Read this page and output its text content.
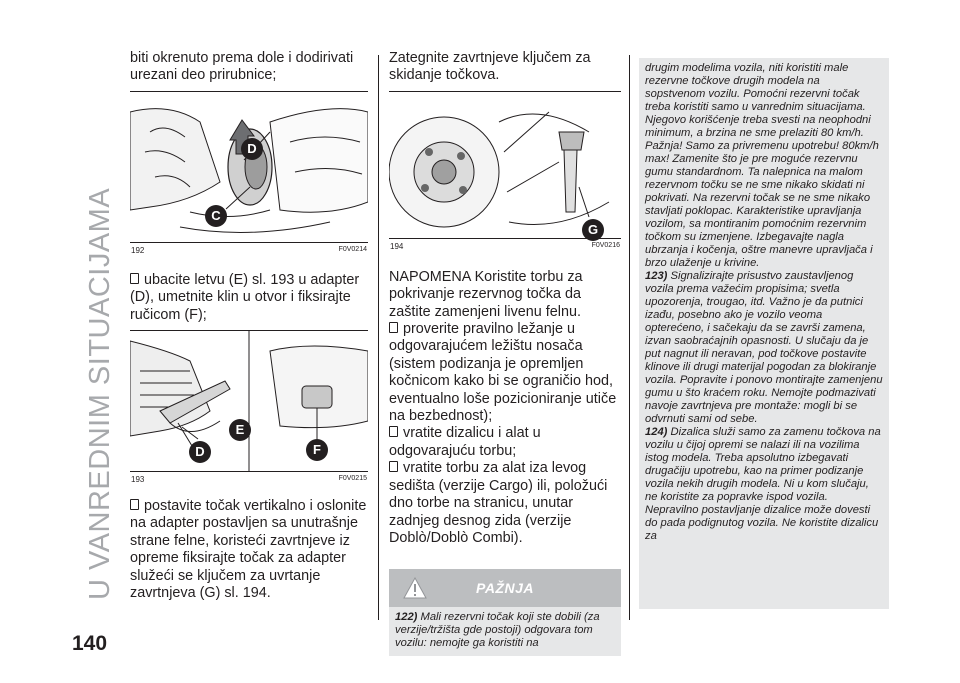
U VANREDNIM SITUACIJAMA

biti okrenuto prema dole i dodirivati urezani deo prirubnice;

D
C
192	F0V0214

ubacite letvu (E) sl. 193 u adapter (D), umetnite klin u otvor i fiksirajte ručicom (F);

E
D	F
193	F0V0215

postavite točak vertikalno i oslonite na adapter postavljen sa unutrašnje strane felne, koristeći zavrtnjeve iz opreme fiksirajte točak za adapter služeći se ključem za uvrtanje zavrtnjeva (G) sl. 194.

Zategnite zavrtnjeve ključem za skidanje točkova.

G
194	F0V0216

NAPOMENA Koristite torbu za pokrivanje rezervnog točka da zaštite zamenjeni livenu felnu.

proverite pravilno ležanje u odgovarajućem ležištu nosača (sistem podizanja je opremljen kočnicom kako bi se ograničio hod, eventualno loše pozicioniranje utiče na bezbednost);

vratite dizalicu i alat u odgovarajuću torbu;

vratite torbu za alat iza levog sedišta (verzije Cargo) ili, položući dno torbe na stranicu, unutar zadnjeg desnog zida (verzije Doblò/Doblò Combi).

PAŽNJA
122) Mali rezervni točak koji ste dobili (za verzije/tržišta gde postoji) odgovara tom vozilu: nemojte ga koristiti na

drugim modelima vozila, niti koristiti male rezervne točkove drugih modela na sopstvenom vozilu. Pomoćni rezervni točak treba koristiti samo u vanrednim situacijama. Njegovo korišćenje treba svesti na neophodni minimum, a brzina ne sme prelaziti 80 km/h. Pažnja! Samo za privremenu upotrebu! 80km/h max! Zamenite što je pre moguće rezervnu gumu standardnom. Ta nalepnica na malom rezervnom točku se ne sme nikako skidati ni pokrivati. Na rezervni točak se ne sme nikako stavljati poklopac. Karakteristike upravljanja vozilom, sa montiranim pomoćnim rezervnim točkom su izmenjene. Izbegavajte nagla ubrzanja i kočenja, oštre manevre upravljača i brzo ulaženje u krivine.

123) Signalizirajte prisustvo zaustavljenog vozila prema važećim propisima; svetla upozorenja, trougao, itd. Važno je da putnici izađu, posebno ako je vozilo veoma opterećeno, i sačekaju da se završi zamena, izvan saobraćajnih opasnosti. U slučaju da je put nagnut ili neravan, pod točkove postavite klinove ili drugi materijal pogodan za blokiranje vozila. Popravite i ponovo montirajte zamenjenu gumu u što kraćem roku. Nemojte podmazivati navoje zavrtnjeva pre montaže: mogli bi se odvrnuti sami od sebe.

124) Dizalica služi samo za zamenu točkova na vozilu u čijoj opremi se nalazi ili na vozilima istog modela. Treba apsolutno izbegavati drugačiju upotrebu, kao na primer podizanje vozila nekih drugih modela. Ni u kom slučaju, ne koristite za popravke ispod vozila. Nepravilno postavljanje dizalice može dovesti do pada podignutog vozila. Ne koristite dizalicu za

140
